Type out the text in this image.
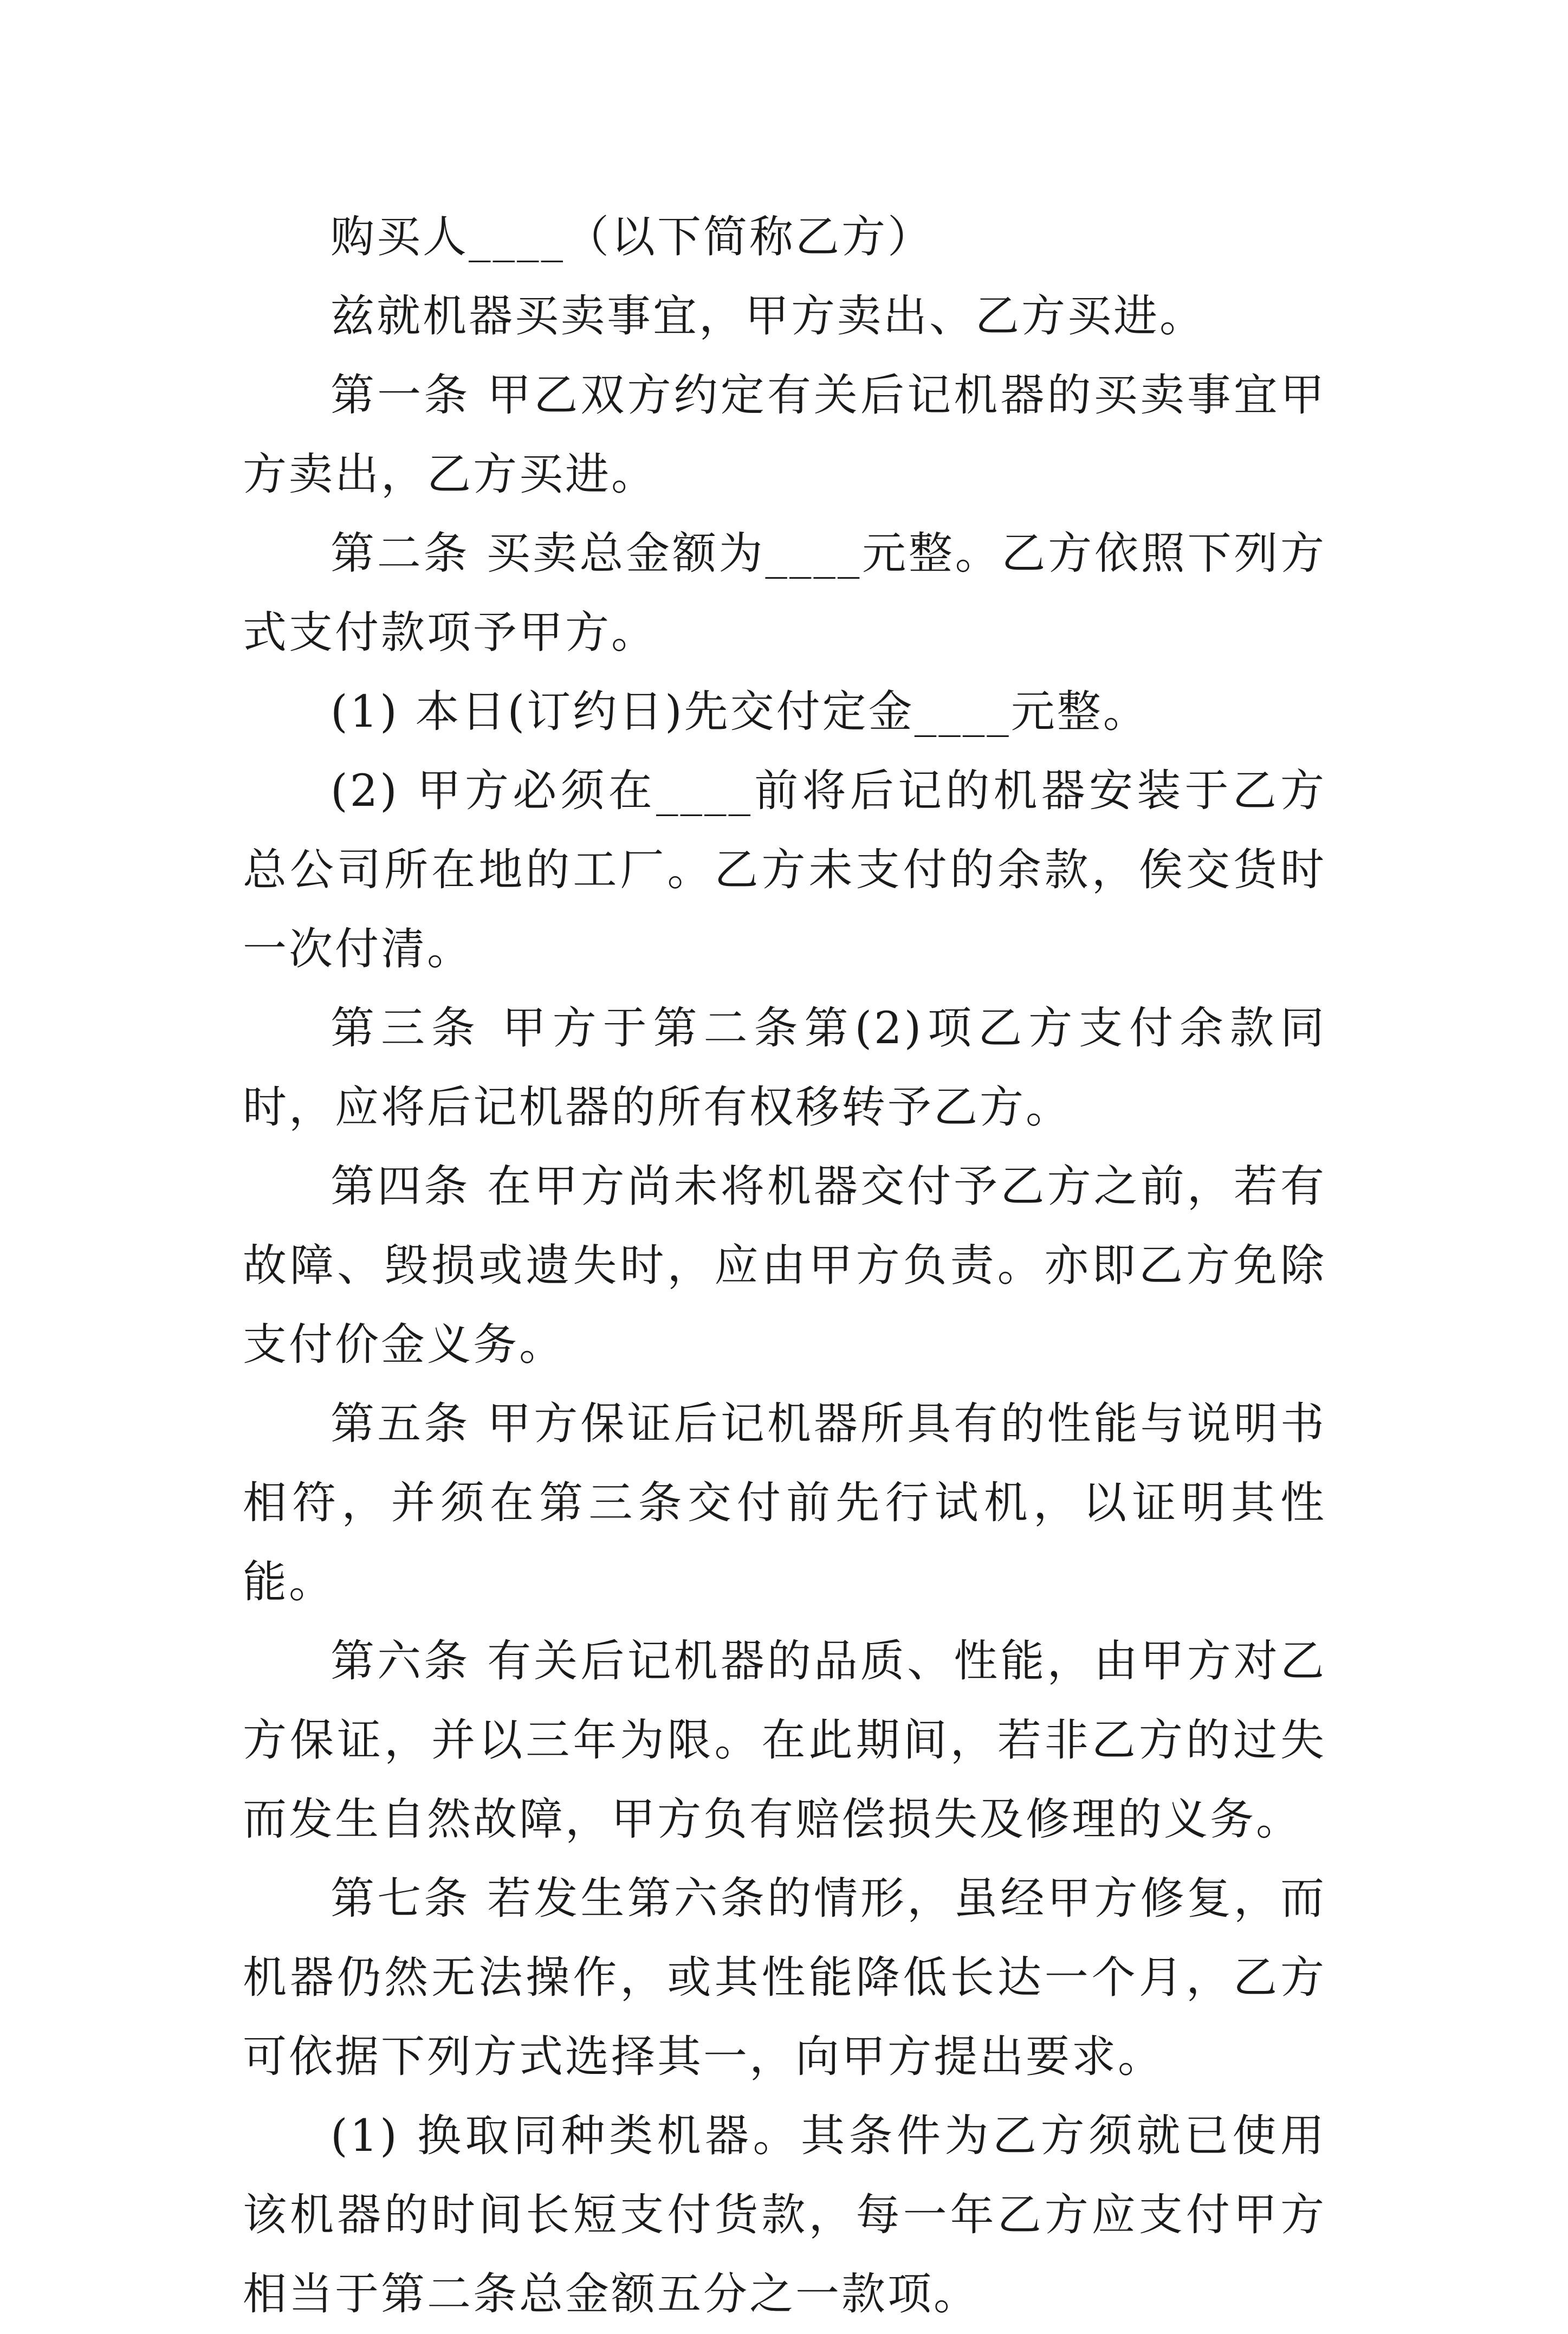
购买人____（以下简称乙方）

兹就机器买卖事宜，甲方卖出、乙方买进。

第一条 甲乙双方约定有关后记机器的买卖事宜甲方卖出，乙方买进。

第二条 买卖总金额为____元整。乙方依照下列方式支付款项予甲方。

(1) 本日(订约日)先交付定金____元整。

(2) 甲方必须在____前将后记的机器安装于乙方总公司所在地的工厂。乙方未支付的余款，俟交货时一次付清。

第三条 甲方于第二条第(2)项乙方支付余款同时，应将后记机器的所有权移转予乙方。

第四条 在甲方尚未将机器交付予乙方之前，若有故障、毁损或遗失时，应由甲方负责。亦即乙方免除支付价金义务。

第五条 甲方保证后记机器所具有的性能与说明书相符，并须在第三条交付前先行试机，以证明其性能。

第六条 有关后记机器的品质、性能，由甲方对乙方保证，并以三年为限。在此期间，若非乙方的过失而发生自然故障，甲方负有赔偿损失及修理的义务。

第七条 若发生第六条的情形，虽经甲方修复，而机器仍然无法操作，或其性能降低长达一个月，乙方可依据下列方式选择其一，向甲方提出要求。

(1) 换取同种类机器。其条件为乙方须就已使用该机器的时间长短支付货款，每一年乙方应支付甲方相当于第二条总金额五分之一款项。
